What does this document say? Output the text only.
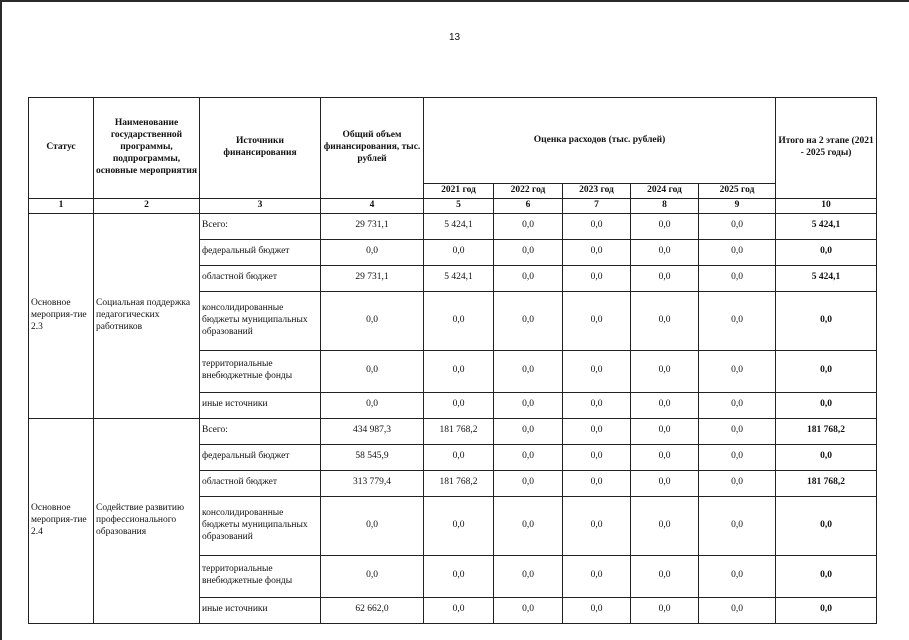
13
Статус	Наименование государственной программы, подпрограммы, основные мероприятия	Источники финансирования	Общий объем финансирования, тыс. рублей	Оценка расходов (тыс. рублей)					Итого на 2 этапе (2021 - 2025 годы)
				2021 год	2022 год	2023 год	2024 год	2025 год	
1	2	3	4	5	6	7	8	9	10
Основное мероприя-тие 2.3	Социальная поддержка педагогических работников	Всего:	29 731,1	5 424,1	0,0	0,0	0,0	0,0	5 424,1
		федеральный бюджет	0,0	0,0	0,0	0,0	0,0	0,0	0,0
		областной бюджет	29 731,1	5 424,1	0,0	0,0	0,0	0,0	5 424,1
		консолидированные бюджеты муниципальных образований	0,0	0,0	0,0	0,0	0,0	0,0	0,0
		территориальные внебюджетные фонды	0,0	0,0	0,0	0,0	0,0	0,0	0,0
		иные источники	0,0	0,0	0,0	0,0	0,0	0,0	0,0
Основное мероприя-тие 2.4	Содействие развитию профессионального образования	Всего:	434 987,3	181 768,2	0,0	0,0	0,0	0,0	181 768,2
		федеральный бюджет	58 545,9	0,0	0,0	0,0	0,0	0,0	0,0
		областной бюджет	313 779,4	181 768,2	0,0	0,0	0,0	0,0	181 768,2
		консолидированные бюджеты муниципальных образований	0,0	0,0	0,0	0,0	0,0	0,0	0,0
		территориальные внебюджетные фонды	0,0	0,0	0,0	0,0	0,0	0,0	0,0
		иные источники	62 662,0	0,0	0,0	0,0	0,0	0,0	0,0
